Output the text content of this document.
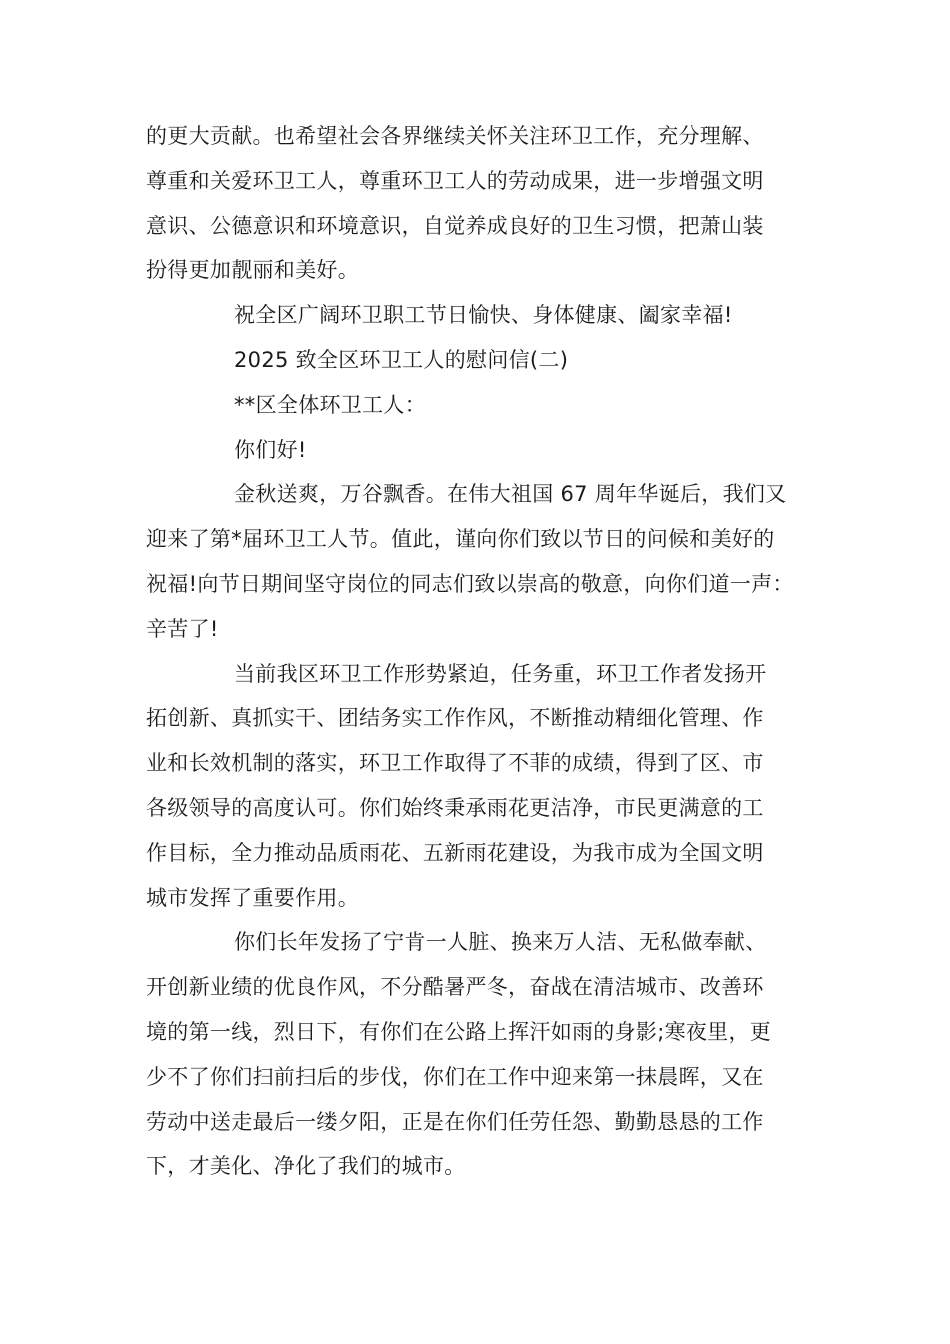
的更大贡献。也希望社会各界继续关怀关注环卫工作，充分理解、
尊重和关爱环卫工人，尊重环卫工人的劳动成果，进一步增强文明
意识、公德意识和环境意识，自觉养成良好的卫生习惯，把萧山装
扮得更加靓丽和美好。

祝全区广阔环卫职工节日愉快、身体健康、阖家幸福!

2025 致全区环卫工人的慰问信(二)

**区全体环卫工人：

你们好!

金秋送爽，万谷飘香。在伟大祖国 67 周年华诞后，我们又
迎来了第*届环卫工人节。值此，谨向你们致以节日的问候和美好的
祝福!向节日期间坚守岗位的同志们致以崇高的敬意，向你们道一声：
辛苦了!

当前我区环卫工作形势紧迫，任务重，环卫工作者发扬开
拓创新、真抓实干、团结务实工作作风，不断推动精细化管理、作
业和长效机制的落实，环卫工作取得了不菲的成绩，得到了区、市
各级领导的高度认可。你们始终秉承雨花更洁净，市民更满意的工
作目标，全力推动品质雨花、五新雨花建设，为我市成为全国文明
城市发挥了重要作用。

你们长年发扬了宁肯一人脏、换来万人洁、无私做奉献、
开创新业绩的优良作风，不分酷暑严冬，奋战在清洁城市、改善环
境的第一线，烈日下，有你们在公路上挥汗如雨的身影;寒夜里，更
少不了你们扫前扫后的步伐，你们在工作中迎来第一抹晨晖，又在
劳动中送走最后一缕夕阳，正是在你们任劳任怨、勤勤恳恳的工作
下，才美化、净化了我们的城市。
